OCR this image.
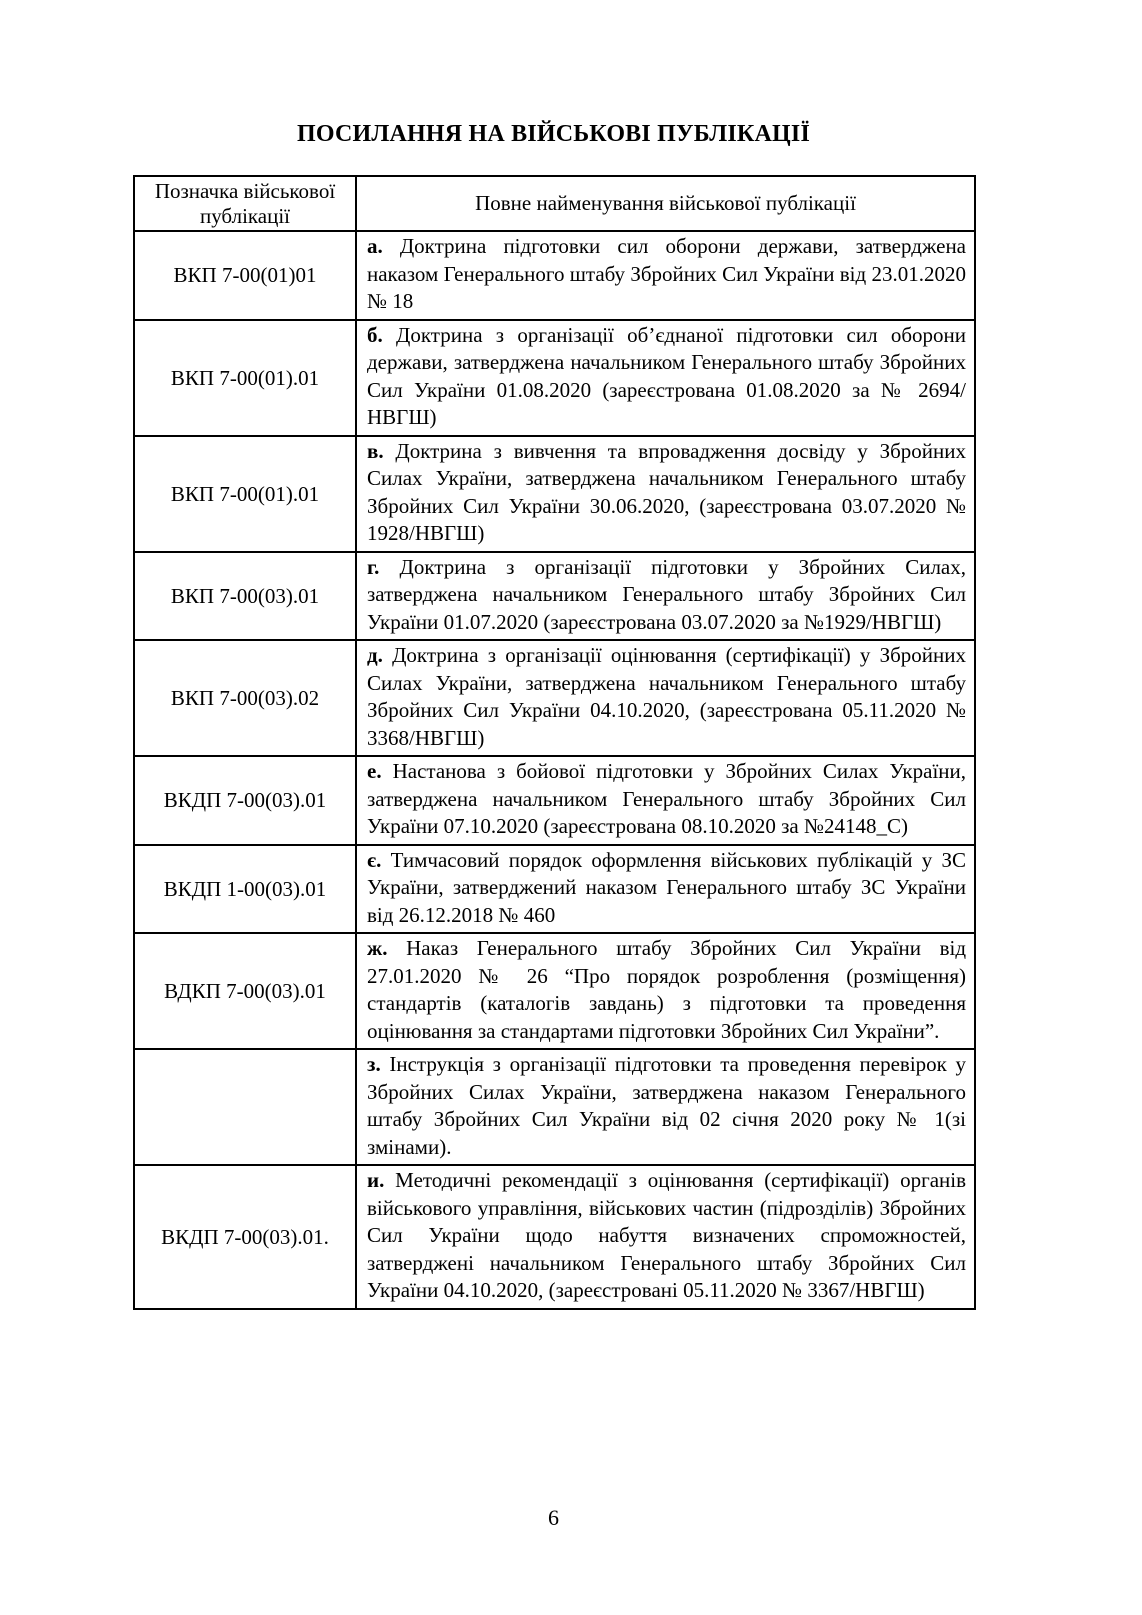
ПОСИЛАННЯ НА ВІЙСЬКОВІ ПУБЛІКАЦІЇ
Позначка військової публікації	Повне найменування військової публікації
ВКП 7-00(01)01	а. Доктрина підготовки сил оборони держави, затверджена наказом Генерального штабу Збройних Сил України від 23.01.2020 № 18

ВКП 7-00(01).01	б. Доктрина з організації об’єднаної підготовки сил оборони держави, затверджена начальником Генерального штабу Збройних Сил України 01.08.2020 (зареєстрована 01.08.2020 за № 2694/НВГШ)

ВКП 7-00(01).01	в. Доктрина з вивчення та впровадження досвіду у Збройних Силах України, затверджена начальником Генерального штабу Збройних Сил України 30.06.2020, (зареєстрована 03.07.2020 № 1928/НВГШ)

ВКП 7-00(03).01	г. Доктрина з організації підготовки у Збройних Силах, затверджена начальником Генерального штабу Збройних Сил України 01.07.2020 (зареєстрована 03.07.2020 за №1929/НВГШ)

ВКП 7-00(03).02	д. Доктрина з організації оцінювання (сертифікації) у Збройних Силах України, затверджена начальником Генерального штабу Збройних Сил України 04.10.2020, (зареєстрована 05.11.2020 № 3368/НВГШ)

ВКДП 7-00(03).01	е. Настанова з бойової підготовки у Збройних Силах України, затверджена начальником Генерального штабу Збройних Сил України 07.10.2020 (зареєстрована 08.10.2020 за №24148_С)

ВКДП 1-00(03).01	є. Тимчасовий порядок оформлення військових публікацій у ЗС України, затверджений наказом Генерального штабу ЗС України від 26.12.2018 № 460

ВДКП 7-00(03).01	ж. Наказ Генерального штабу Збройних Сил України від 27.01.2020 № 26 “Про порядок розроблення (розміщення) стандартів (каталогів завдань) з підготовки та проведення оцінювання за стандартами підготовки Збройних Сил України”.

	з. Інструкція з організації підготовки та проведення перевірок у Збройних Силах України, затверджена наказом Генерального штабу Збройних Сил України від 02 січня 2020 року № 1(зі змінами).

ВКДП 7-00(03).01.	и. Методичні рекомендації з оцінювання (сертифікації) органів військового управління, військових частин (підрозділів) Збройних Сил України щодо набуття визначених спроможностей, затверджені начальником Генерального штабу Збройних Сил України 04.10.2020, (зареєстровані 05.11.2020 № 3367/НВГШ)
6
